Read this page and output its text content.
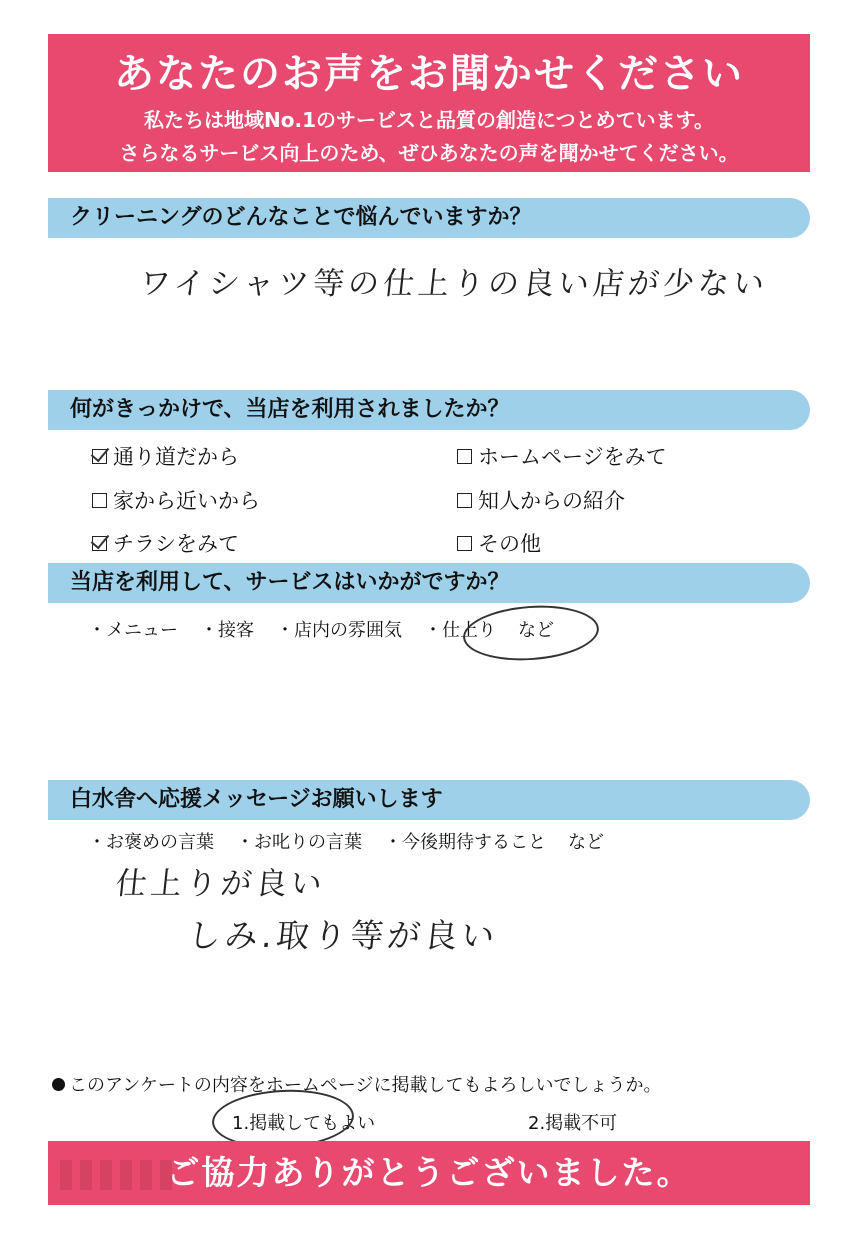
あなたのお声をお聞かせください
私たちは地域No.1のサービスと品質の創造につとめています。
さらなるサービス向上のため、ぜひあなたの声を聞かせてください。
クリーニングのどんなことで悩んでいますか？
ワイシャツ等の仕上りの良い店が少ない
何がきっかけで、当店を利用されましたか？
通り道だから	ホームページをみて
家から近いから	知人からの紹介
チラシをみて	その他
当店を利用して、サービスはいかがですか？
・メニュー ・接客 ・店内の雰囲気 ・仕上り など
白水舎へ応援メッセージお願いします
・お褒めの言葉 ・お叱りの言葉 ・今後期待すること など
仕上りが良い
しみ.取り等が良い
このアンケートの内容をホームページに掲載してもよろしいでしょうか。
1.掲載してもよい	2.掲載不可
ご協力ありがとうございました。
